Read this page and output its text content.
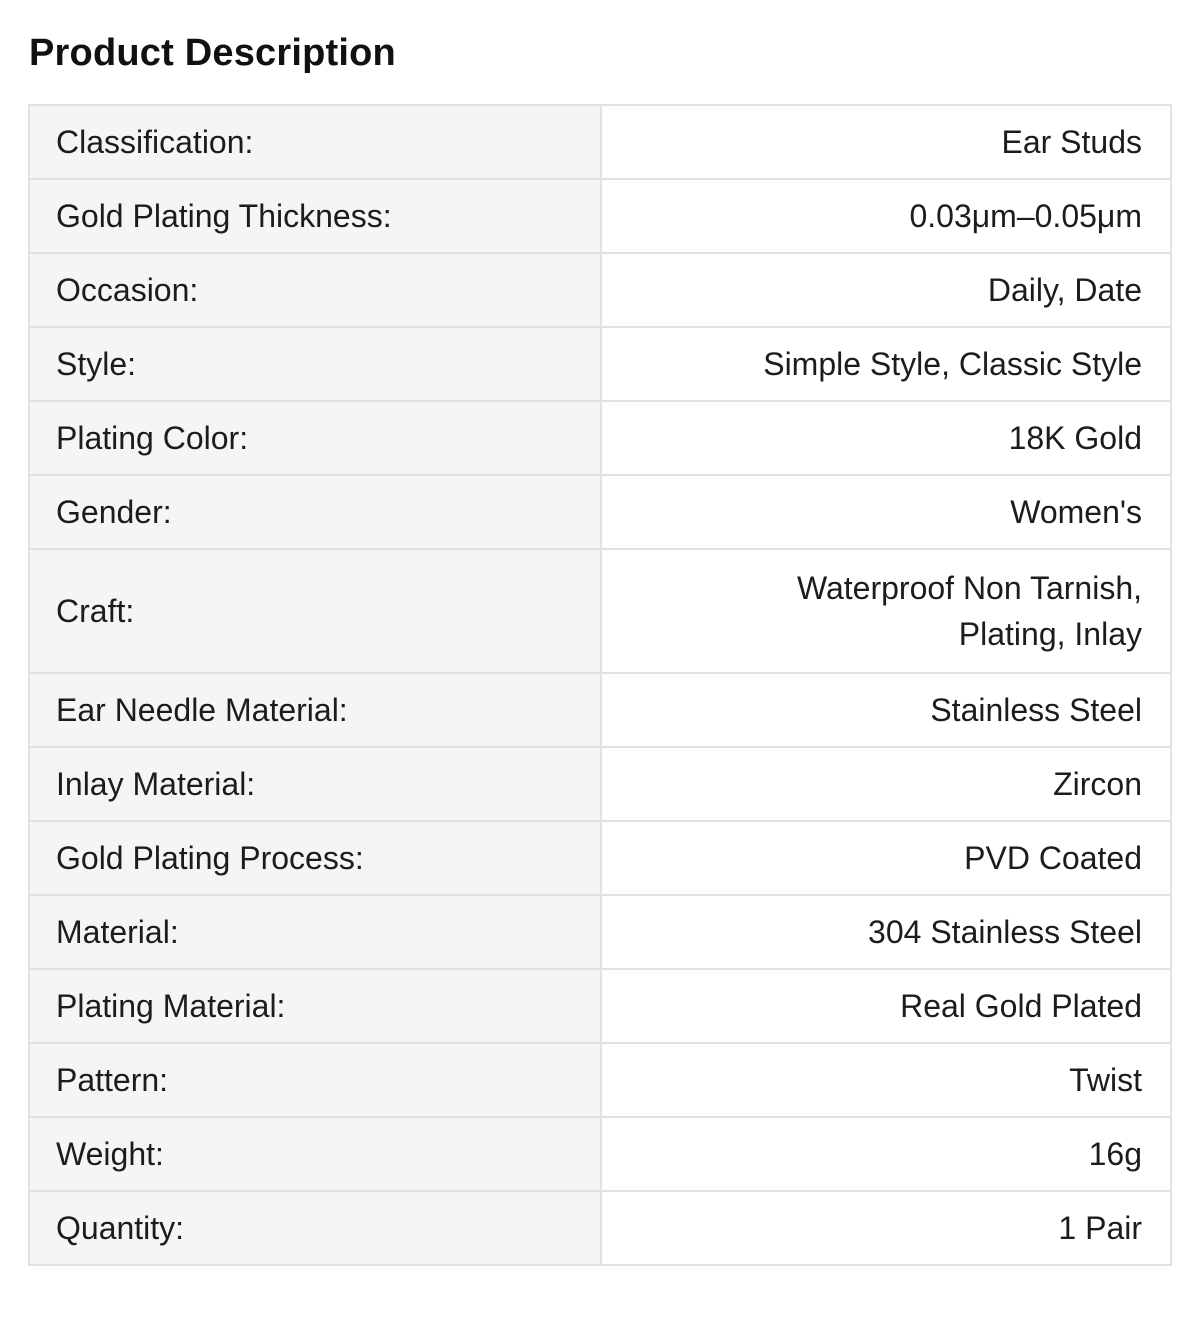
Product Description
Classification:	Ear Studs
Gold Plating Thickness:	0.03μm–0.05μm
Occasion:	Daily, Date
Style:	Simple Style, Classic Style
Plating Color:	18K Gold
Gender:	Women's
Craft:	Waterproof Non Tarnish,
Plating, Inlay
Ear Needle Material:	Stainless Steel
Inlay Material:	Zircon
Gold Plating Process:	PVD Coated
Material:	304 Stainless Steel
Plating Material:	Real Gold Plated
Pattern:	Twist
Weight:	16g
Quantity:	1 Pair
